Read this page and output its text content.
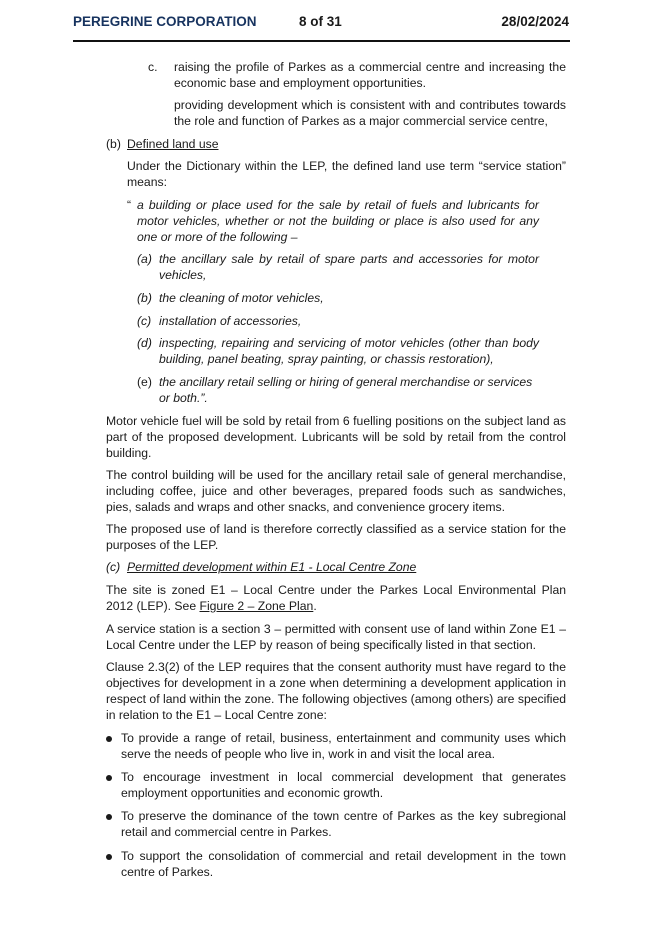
PEREGRINE CORPORATION	8 of 31	28/02/2024
c. raising the profile of Parkes as a commercial centre and increasing the economic base and employment opportunities.
providing development which is consistent with and contributes towards the role and function of Parkes as a major commercial service centre,
(b) Defined land use
Under the Dictionary within the LEP, the defined land use term “service station” means:
“ a building or place used for the sale by retail of fuels and lubricants for motor vehicles, whether or not the building or place is also used for any one or more of the following –
(a) the ancillary sale by retail of spare parts and accessories for motor vehicles,
(b) the cleaning of motor vehicles,
(c) installation of accessories,
(d) inspecting, repairing and servicing of motor vehicles (other than body building, panel beating, spray painting, or chassis restoration),
(e) the ancillary retail selling or hiring of general merchandise or services or both.”.
Motor vehicle fuel will be sold by retail from 6 fuelling positions on the subject land as part of the proposed development. Lubricants will be sold by retail from the control building.
The control building will be used for the ancillary retail sale of general merchandise, including coffee, juice and other beverages, prepared foods such as sandwiches, pies, salads and wraps and other snacks, and convenience grocery items.
The proposed use of land is therefore correctly classified as a service station for the purposes of the LEP.
(c) Permitted development within E1 - Local Centre Zone
The site is zoned E1 – Local Centre under the Parkes Local Environmental Plan 2012 (LEP). See Figure 2 – Zone Plan.
A service station is a section 3 – permitted with consent use of land within Zone E1 – Local Centre under the LEP by reason of being specifically listed in that section.
Clause 2.3(2) of the LEP requires that the consent authority must have regard to the objectives for development in a zone when determining a development application in respect of land within the zone. The following objectives (among others) are specified in relation to the E1 – Local Centre zone:
To provide a range of retail, business, entertainment and community uses which serve the needs of people who live in, work in and visit the local area.
To encourage investment in local commercial development that generates employment opportunities and economic growth.
To preserve the dominance of the town centre of Parkes as the key subregional retail and commercial centre in Parkes.
To support the consolidation of commercial and retail development in the town centre of Parkes.
